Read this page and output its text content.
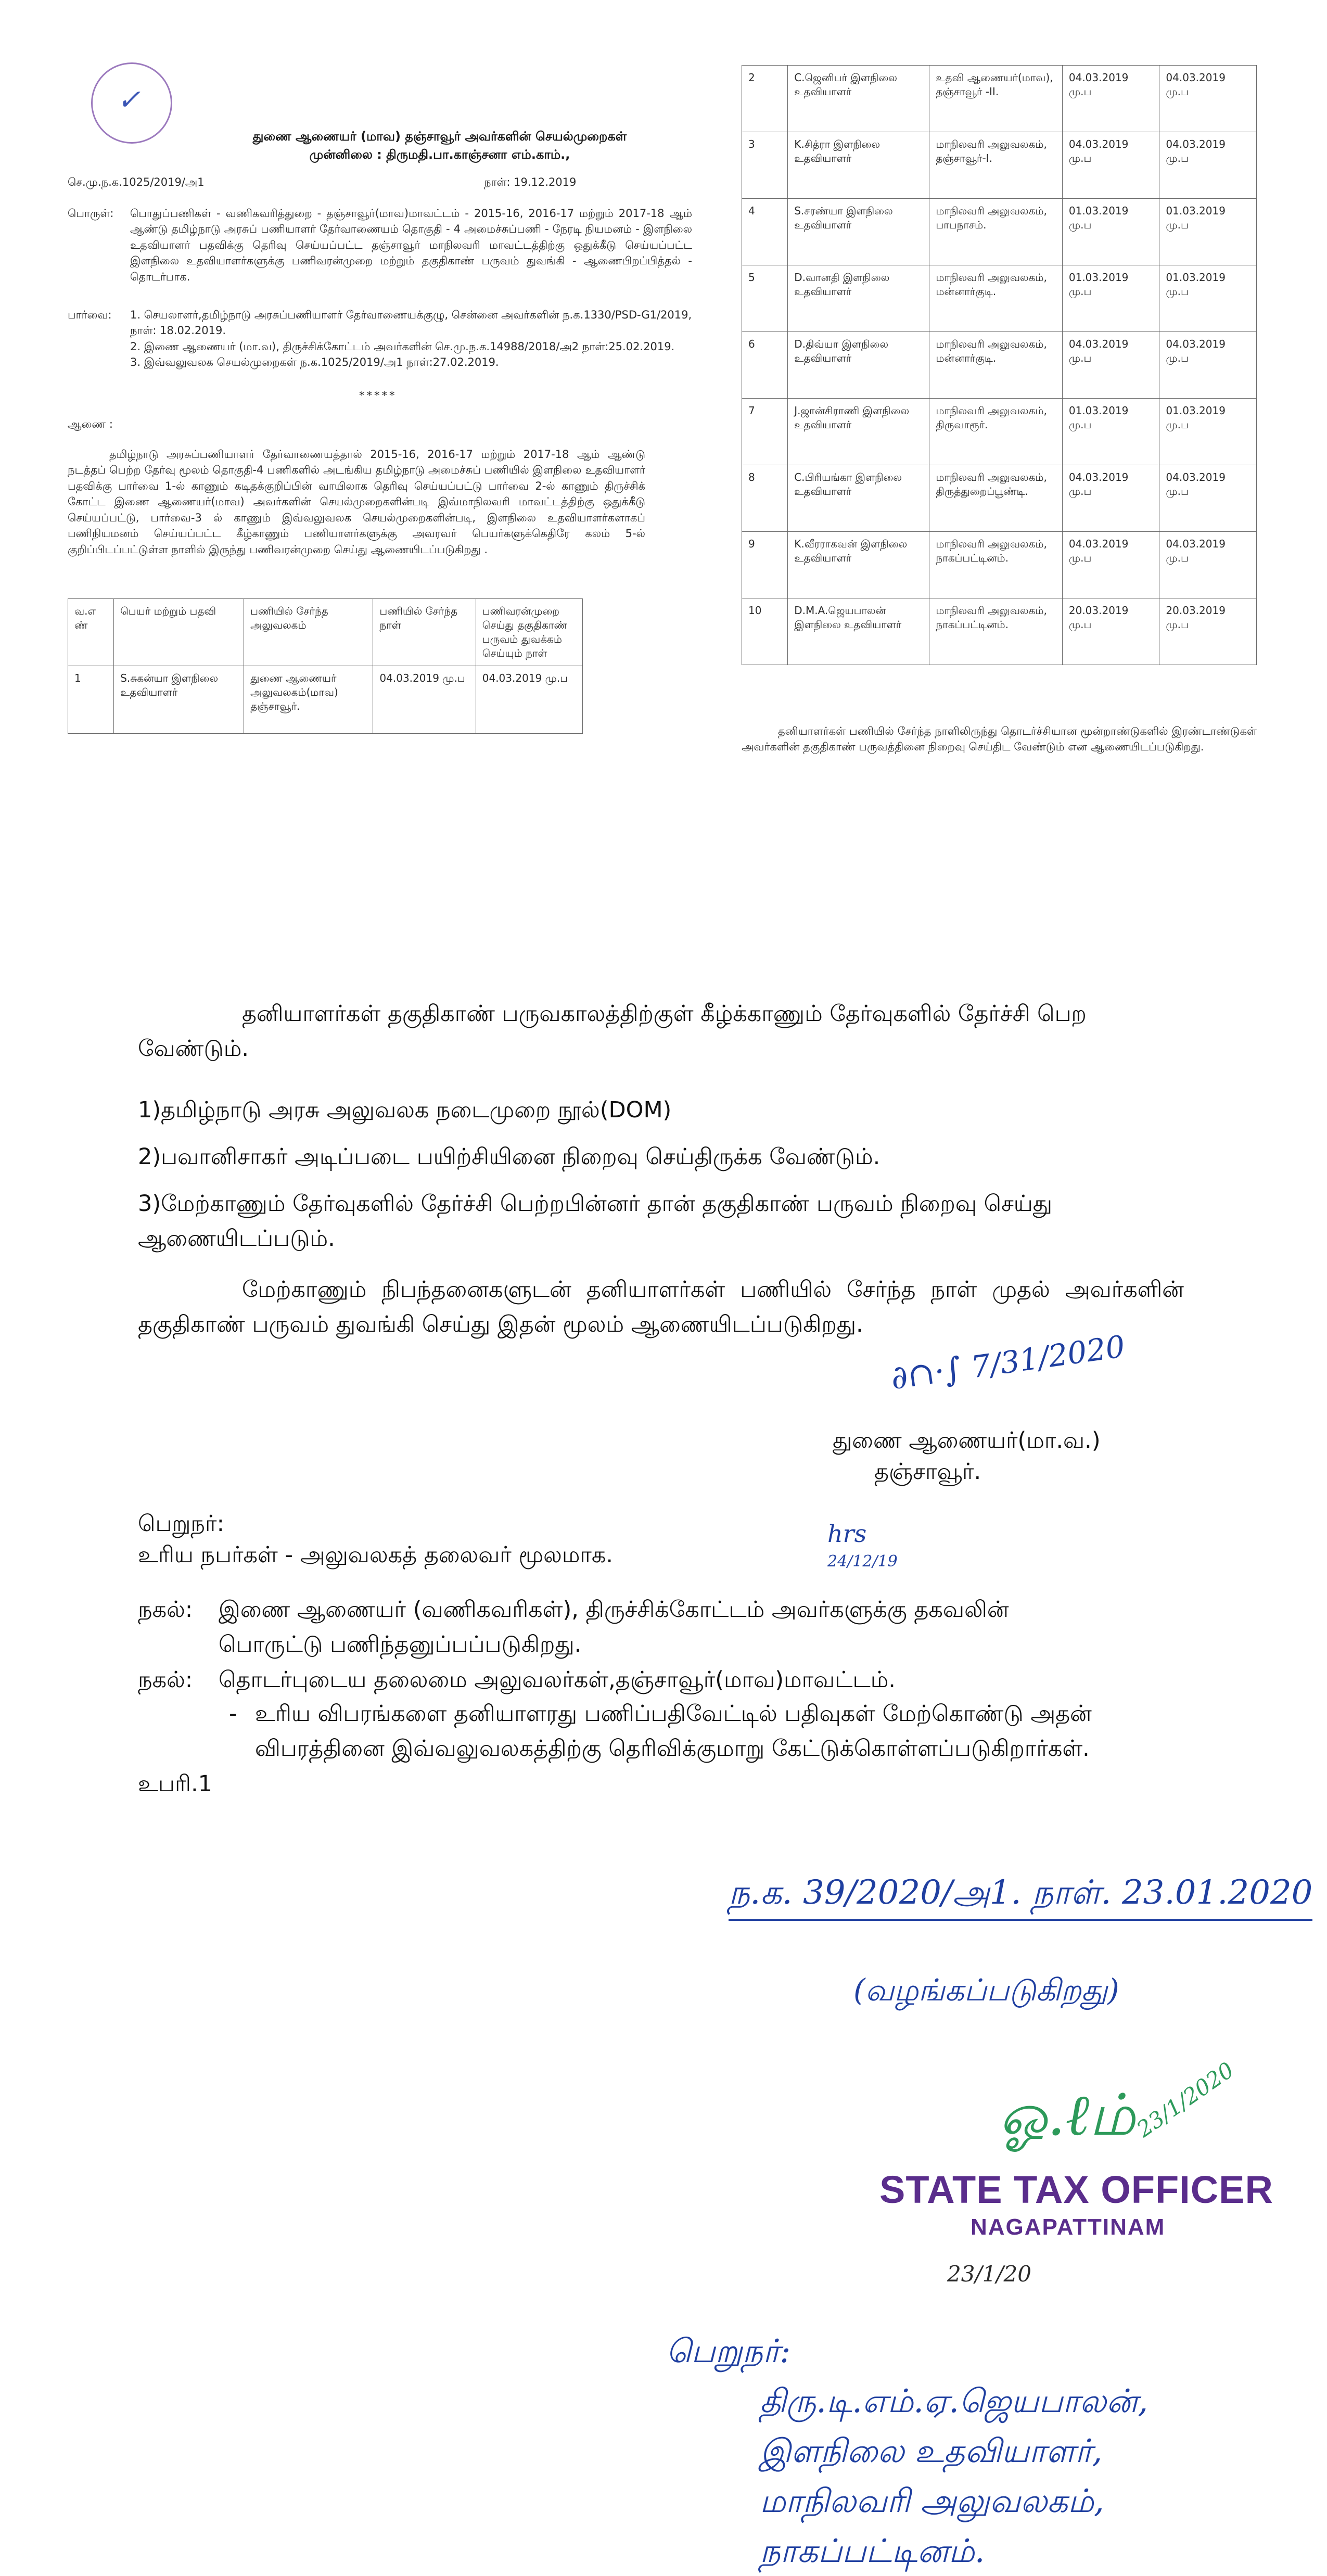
✓
துணை ஆணையர் (மாவ) தஞ்சாவூர் அவர்களின் செயல்முறைகள்
முன்னிலை : திருமதி.பா.காஞ்சனா எம்.காம்.,
செ.மு.ந.க.1025/2019/அ1	நாள்: 19.12.2019
பொருள்: பொதுப்பணிகள் - வணிகவரித்துறை - தஞ்சாவூர்(மாவ)மாவட்டம் - 2015-16, 2016-17 மற்றும் 2017-18 ஆம் ஆண்டு தமிழ்நாடு அரசுப் பணியாளர் தேர்வாணையம் தொகுதி - 4 அமைச்சுப்பணி - நேரடி நியமனம் - இளநிலை உதவியாளர் பதவிக்கு தெரிவு செய்யப்பட்ட தஞ்சாவூர் மாநிலவரி மாவட்டத்திற்கு ஒதுக்கீடு செய்யப்பட்ட இளநிலை உதவியாளர்களுக்கு பணிவரன்முறை மற்றும் தகுதிகாண் பருவம் துவங்கி - ஆணைபிறப்பித்தல் - தொடர்பாக.
பார்வை: 1. செயலாளர்,தமிழ்நாடு அரசுப்பணியாளர் தேர்வாணையக்குழு, சென்னை அவர்களின் ந.க.1330/PSD-G1/2019, நாள்: 18.02.2019.
2. இணை ஆணையர் (மா.வ), திருச்சிக்கோட்டம் அவர்களின் செ.மு.ந.க.14988/2018/அ2 நாள்:25.02.2019.
3. இவ்வலுவலக செயல்முறைகள் ந.க.1025/2019/அ1 நாள்:27.02.2019.
*****
ஆணை :
தமிழ்நாடு அரசுப்பணியாளர் தேர்வாணையத்தால் 2015-16, 2016-17 மற்றும் 2017-18 ஆம் ஆண்டு நடத்தப் பெற்ற தேர்வு மூலம் தொகுதி-4 பணிகளில் அடங்கிய தமிழ்நாடு அமைச்சுப் பணியில் இளநிலை உதவியாளர் பதவிக்கு பார்வை 1-ல் காணும் கடிதக்குறிப்பின் வாயிலாக தெரிவு செய்யப்பட்டு பார்வை 2-ல் காணும் திருச்சிக் கோட்ட இணை ஆணையர்(மாவ) அவர்களின் செயல்முறைகளின்படி இவ்மாநிலவரி மாவட்டத்திற்கு ஒதுக்கீடு செய்யப்பட்டு, பார்வை-3 ல் காணும் இவ்வலுவலக செயல்முறைகளின்படி, இளநிலை உதவியாளர்களாகப் பணிநியமனம் செய்யப்பட்ட கீழ்காணும் பணியாளர்களுக்கு அவரவர் பெயர்களுக்கெதிரே கலம் 5-ல் குறிப்பிடப்பட்டுள்ள நாளில் இருந்து பணிவரன்முறை செய்து ஆணையிடப்படுகிறது .
வ.எ ண்	பெயர் மற்றும் பதவி	பணியில் சேர்ந்த அலுவலகம்	பணியில் சேர்ந்த நாள்	பணிவரன்முறை செய்து தகுதிகாண் பருவம் துவக்கம் செய்யும் நாள்
1	S.சுகன்யா இளநிலை உதவியாளர்	துணை ஆணையர் அலுவலகம்(மாவ) தஞ்சாவூர்.	04.03.2019 மு.ப	04.03.2019 மு.ப
2	C.ஜெனிபர் இளநிலை உதவியாளர்	உதவி ஆணையர்(மாவ), தஞ்சாவூர் -II.	04.03.2019 மு.ப	04.03.2019 மு.ப
3	K.சித்ரா இளநிலை உதவியாளர்	மாநிலவரி அலுவலகம், தஞ்சாவூர்-I.	04.03.2019 மு.ப	04.03.2019 மு.ப
4	S.சரண்யா இளநிலை உதவியாளர்	மாநிலவரி அலுவலகம், பாபநாசம்.	01.03.2019 மு.ப	01.03.2019 மு.ப
5	D.வானதி இளநிலை உதவியாளர்	மாநிலவரி அலுவலகம், மன்னார்குடி.	01.03.2019 மு.ப	01.03.2019 மு.ப
6	D.திவ்யா இளநிலை உதவியாளர்	மாநிலவரி அலுவலகம், மன்னார்குடி.	04.03.2019 மு.ப	04.03.2019 மு.ப
7	J.ஜான்சிராணி இளநிலை உதவியாளர்	மாநிலவரி அலுவலகம், திருவாரூர்.	01.03.2019 மு.ப	01.03.2019 மு.ப
8	C.பிரியங்கா இளநிலை உதவியாளர்	மாநிலவரி அலுவலகம், திருத்துறைப்பூண்டி.	04.03.2019 மு.ப	04.03.2019 மு.ப
9	K.வீரராகவன் இளநிலை உதவியாளர்	மாநிலவரி அலுவலகம், நாகப்பட்டினம்.	04.03.2019 மு.ப	04.03.2019 மு.ப
10	D.M.A.ஜெயபாலன் இளநிலை உதவியாளர்	மாநிலவரி அலுவலகம், நாகப்பட்டினம்.	20.03.2019 மு.ப	20.03.2019 மு.ப
தனியாளர்கள் பணியில் சேர்ந்த நாளிலிருந்து தொடர்ச்சியான மூன்றாண்டுகளில் இரண்டாண்டுகள் அவர்களின் தகுதிகாண் பருவத்தினை நிறைவு செய்திட வேண்டும் என ஆணையிடப்படுகிறது.
தனியாளர்கள் தகுதிகாண் பருவகாலத்திற்குள் கீழ்க்காணும் தேர்வுகளில் தேர்ச்சி பெற வேண்டும்.
1)தமிழ்நாடு அரசு அலுவலக நடைமுறை நூல்(DOM)
2)பவானிசாகர் அடிப்படை பயிற்சியினை நிறைவு செய்திருக்க வேண்டும்.
3)மேற்காணும் தேர்வுகளில் தேர்ச்சி பெற்றபின்னர் தான் தகுதிகாண் பருவம் நிறைவு செய்து ஆணையிடப்படும்.
மேற்காணும் நிபந்தனைகளுடன் தனியாளர்கள் பணியில் சேர்ந்த நாள் முதல் அவர்களின் தகுதிகாண் பருவம் துவங்கி செய்து இதன் மூலம் ஆணையிடப்படுகிறது.
∂∩·∫ 7/31/2020
துணை ஆணையர்(மா.வ.)
தஞ்சாவூர்.
பெறுநர்:
உரிய நபர்கள் - அலுவலகத் தலைவர் மூலமாக.
hrs
24/12/19
நகல்: இணை ஆணையர் (வணிகவரிகள்), திருச்சிக்கோட்டம் அவர்களுக்கு தகவலின் பொருட்டு பணிந்தனுப்பப்படுகிறது.
நகல்: தொடர்புடைய தலைமை அலுவலர்கள்,தஞ்சாவூர்(மாவ)மாவட்டம்.
- உரிய விபரங்களை தனியாளரது பணிப்பதிவேட்டில் பதிவுகள் மேற்கொண்டு அதன் விபரத்தினை இவ்வலுவலகத்திற்கு தெரிவிக்குமாறு கேட்டுக்கொள்ளப்படுகிறார்கள்.
உபரி.1
ந.க. 39/2020/அ1. நாள். 23.01.2020
(வழங்கப்படுகிறது)
ஓ.ℓம்
23/1/2020
STATE TAX OFFICER
NAGAPATTINAM
23/1/20
பெறுநர்:
திரு.டி.எம்.ஏ.ஜெயபாலன்,
இளநிலை உதவியாளர்,
மாநிலவரி அலுவலகம்,
நாகப்பட்டினம்.
